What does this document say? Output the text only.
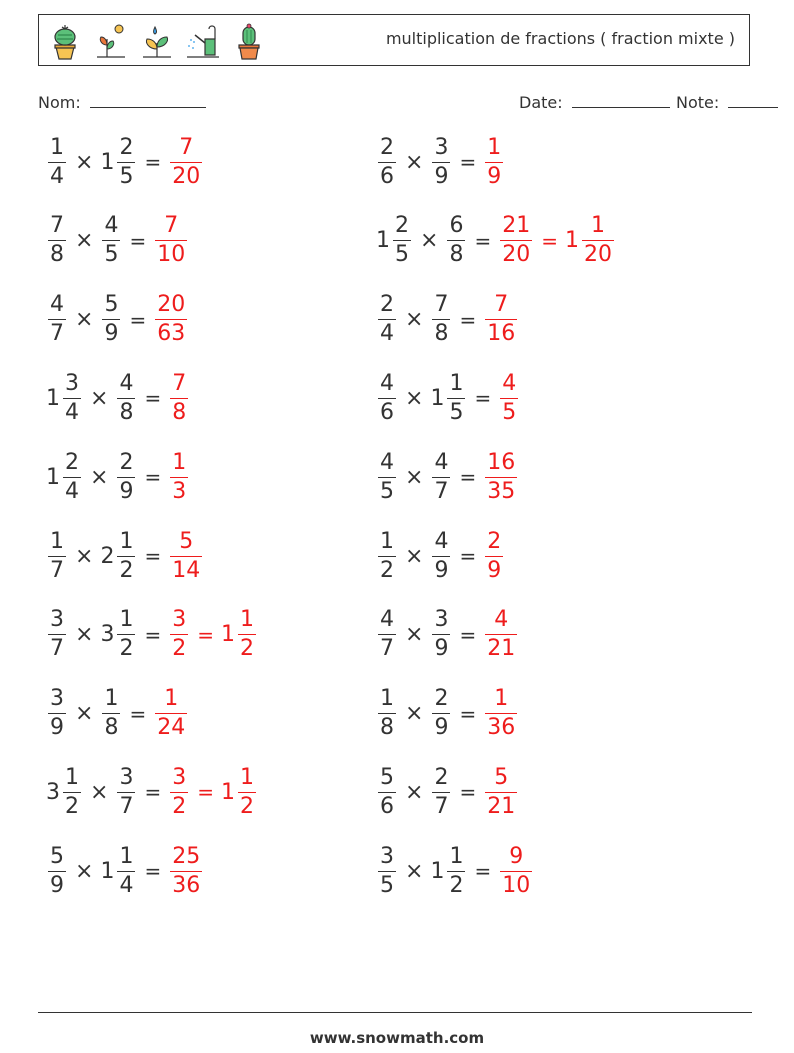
multiplication de fractions ( fraction mixte )
Nom:	Date:	Note:
$\frac{1}{4} \times 1 \frac{2}{5} = \frac{7}{20}$	$\frac{2}{6} \times \frac{3}{9} = \frac{1}{9}$
$\frac{7}{8} \times \frac{4}{5} = \frac{7}{10}$	$1 \frac{2}{5} \times \frac{6}{8} = \frac{21}{20} = 1 \frac{1}{20}$
$\frac{4}{7} \times \frac{5}{9} = \frac{20}{63}$	$\frac{2}{4} \times \frac{7}{8} = \frac{7}{16}$
$1 \frac{3}{4} \times \frac{4}{8} = \frac{7}{8}$	$\frac{4}{6} \times 1 \frac{1}{5} = \frac{4}{5}$
$1 \frac{2}{4} \times \frac{2}{9} = \frac{1}{3}$	$\frac{4}{5} \times \frac{4}{7} = \frac{16}{35}$
$\frac{1}{7} \times 2 \frac{1}{2} = \frac{5}{14}$	$\frac{1}{2} \times \frac{4}{9} = \frac{2}{9}$
$\frac{3}{7} \times 3 \frac{1}{2} = \frac{3}{2} = 1 \frac{1}{2}$	$\frac{4}{7} \times \frac{3}{9} = \frac{4}{21}$
$\frac{3}{9} \times \frac{1}{8} = \frac{1}{24}$	$\frac{1}{8} \times \frac{2}{9} = \frac{1}{36}$
$3 \frac{1}{2} \times \frac{3}{7} = \frac{3}{2} = 1 \frac{1}{2}$	$\frac{5}{6} \times \frac{2}{7} = \frac{5}{21}$
$\frac{5}{9} \times 1 \frac{1}{4} = \frac{25}{36}$	$\frac{3}{5} \times 1 \frac{1}{2} = \frac{9}{10}$
www.snowmath.com
